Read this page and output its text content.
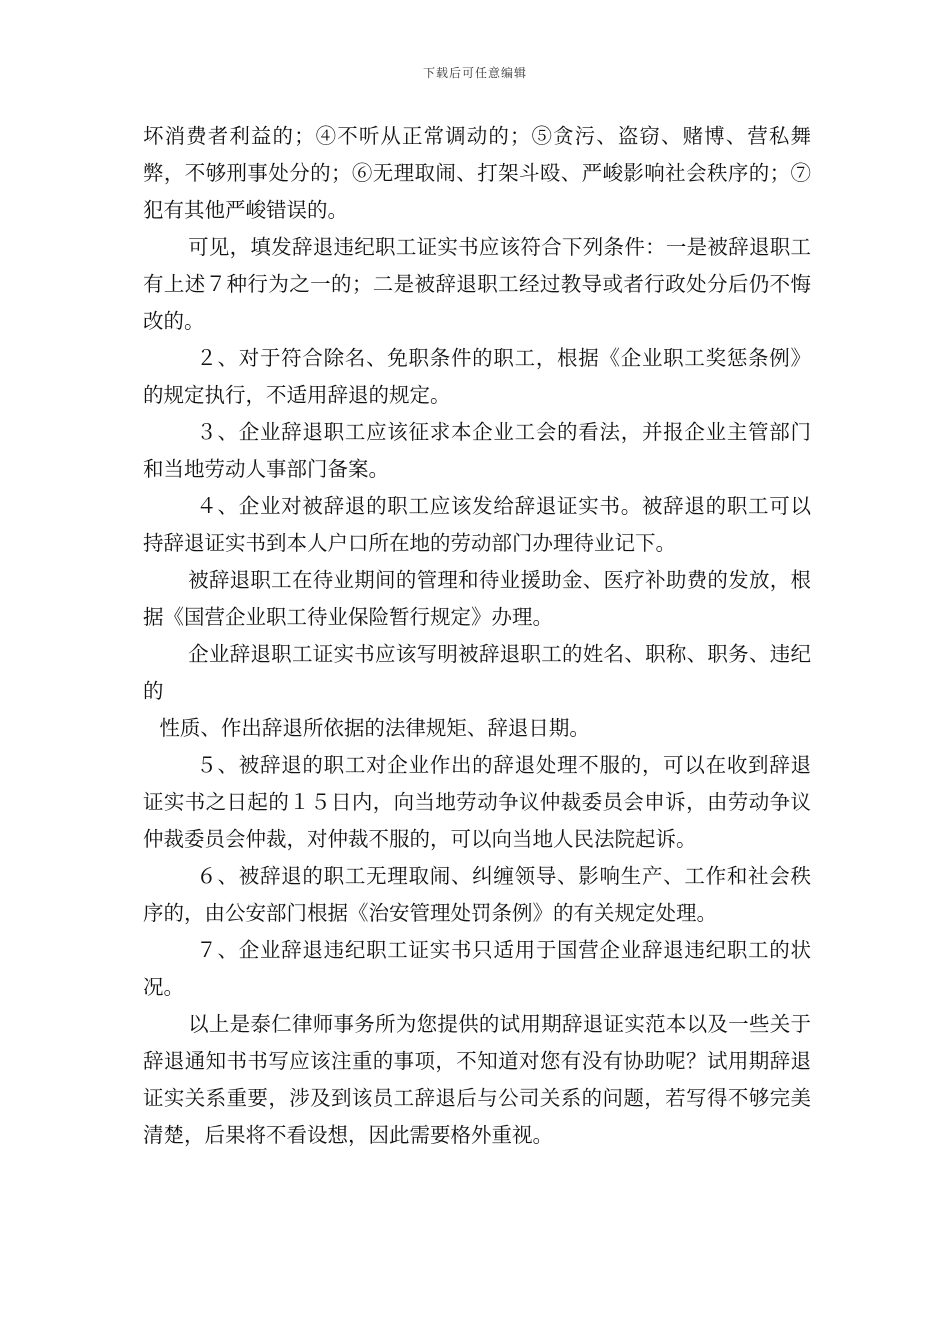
下载后可任意编辑

坏消费者利益的；④不听从正常调动的；⑤贪污、盗窃、赌博、营私舞弊，不够刑事处分的；⑥无理取闹、打架斗殴、严峻影响社会秩序的；⑦犯有其他严峻错误的。

可见，填发辞退违纪职工证实书应该符合下列条件：一是被辞退职工有上述７种行为之一的；二是被辞退职工经过教导或者行政处分后仍不悔改的。

２、对于符合除名、免职条件的职工，根据《企业职工奖惩条例》的规定执行，不适用辞退的规定。

３、企业辞退职工应该征求本企业工会的看法，并报企业主管部门和当地劳动人事部门备案。

４、企业对被辞退的职工应该发给辞退证实书。被辞退的职工可以持辞退证实书到本人户口所在地的劳动部门办理待业记下。

被辞退职工在待业期间的管理和待业援助金、医疗补助费的发放，根据《国营企业职工待业保险暂行规定》办理。

企业辞退职工证实书应该写明被辞退职工的姓名、职称、职务、违纪的

性质、作出辞退所依据的法律规矩、辞退日期。

５、被辞退的职工对企业作出的辞退处理不服的，可以在收到辞退证实书之日起的１５日内，向当地劳动争议仲裁委员会申诉，由劳动争议仲裁委员会仲裁，对仲裁不服的，可以向当地人民法院起诉。

６、被辞退的职工无理取闹、纠缠领导、影响生产、工作和社会秩序的，由公安部门根据《治安管理处罚条例》的有关规定处理。

７、企业辞退违纪职工证实书只适用于国营企业辞退违纪职工的状况。

以上是泰仁律师事务所为您提供的试用期辞退证实范本以及一些关于辞退通知书书写应该注重的事项，不知道对您有没有协助呢？试用期辞退证实关系重要，涉及到该员工辞退后与公司关系的问题，若写得不够完美清楚，后果将不看设想，因此需要格外重视。
